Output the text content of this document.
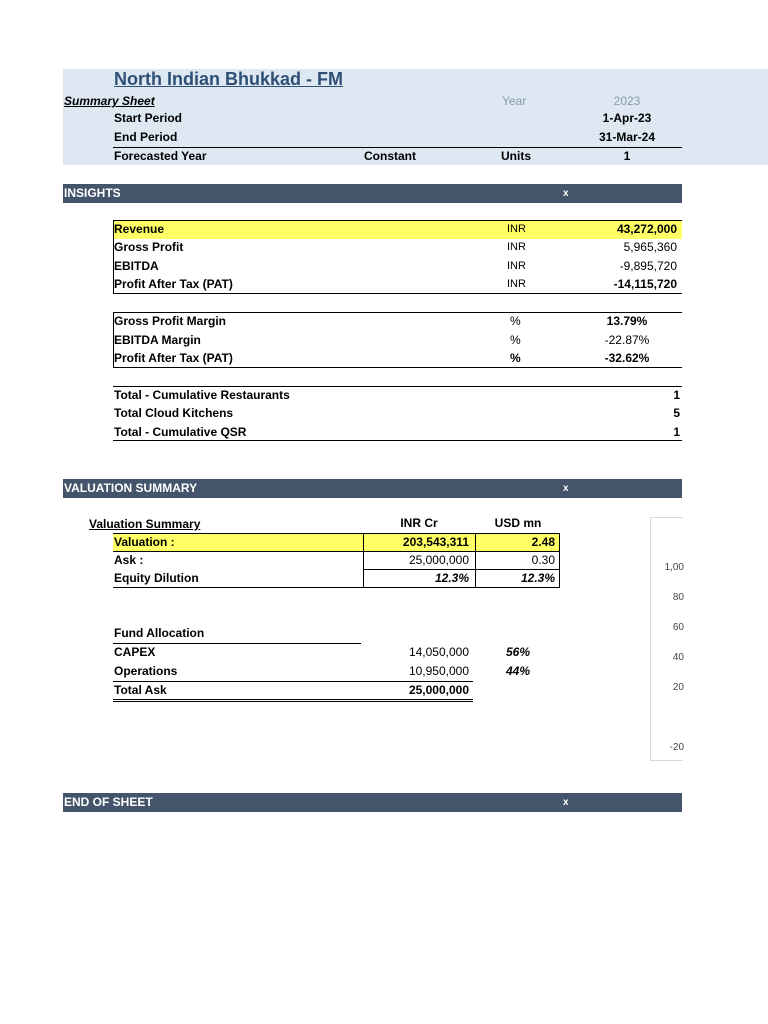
North Indian Bhukkad - FM
Summary Sheet	Year	2023
Start Period	1-Apr-23
End Period	31-Mar-24
Forecasted Year	Constant	Units	1
INSIGHTS	x
Revenue	INR	43,272,000
Gross Profit	INR	5,965,360
EBITDA	INR	-9,895,720
Profit After Tax (PAT)	INR	-14,115,720
Gross Profit Margin	%	13.79%
EBITDA Margin	%	-22.87%
Profit After Tax (PAT)	%	-32.62%
Total - Cumulative Restaurants	1
Total Cloud Kitchens	5
Total - Cumulative QSR	1
VALUATION SUMMARY	x
Valuation Summary	INR Cr	USD mn
Valuation :	203,543,311	2.48
Ask :	25,000,000	0.30
Equity Dilution	12.3%	12.3%
Fund Allocation
CAPEX	14,050,000	56%
Operations	10,950,000	44%
Total Ask	25,000,000
1,00
80
60
40
20
-20
END OF SHEET	x
